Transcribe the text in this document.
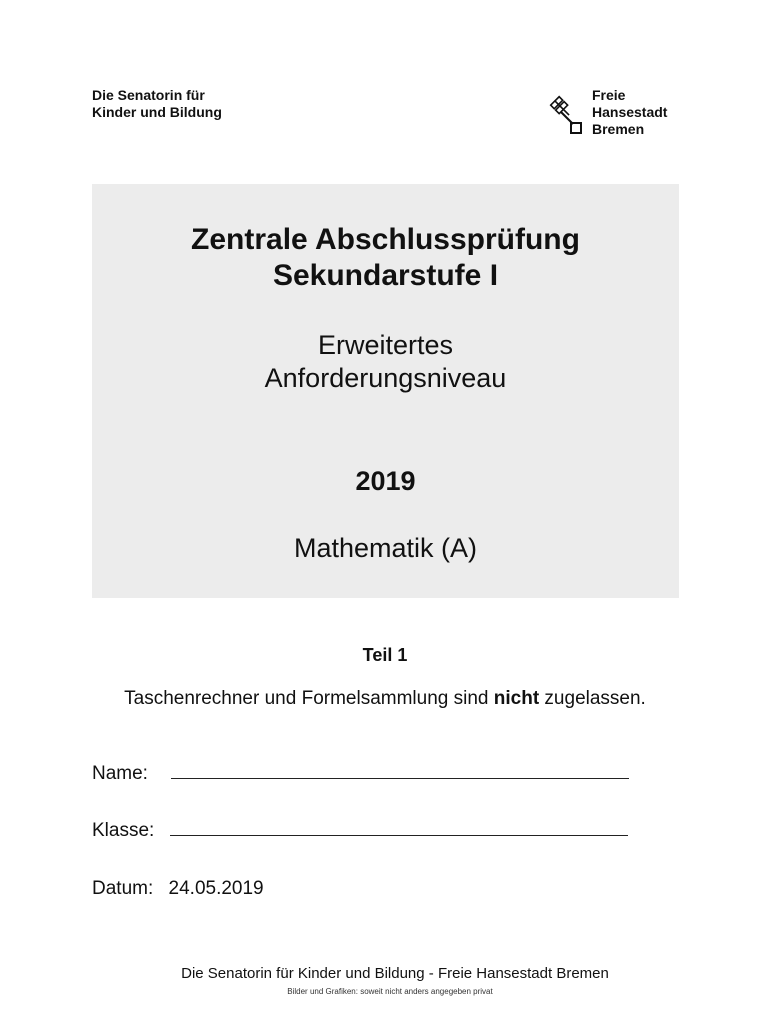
Die Senatorin für
Kinder und Bildung
Freie
Hansestadt
Bremen
Zentrale Abschlussprüfung
Sekundarstufe I
Erweitertes
Anforderungsniveau
2019
Mathematik (A)
Teil 1
Taschenrechner und Formelsammlung sind nicht zugelassen.
Name:
Klasse:
Datum: 24.05.2019
Die Senatorin für Kinder und Bildung - Freie Hansestadt Bremen
Bilder und Grafiken: soweit nicht anders angegeben privat
